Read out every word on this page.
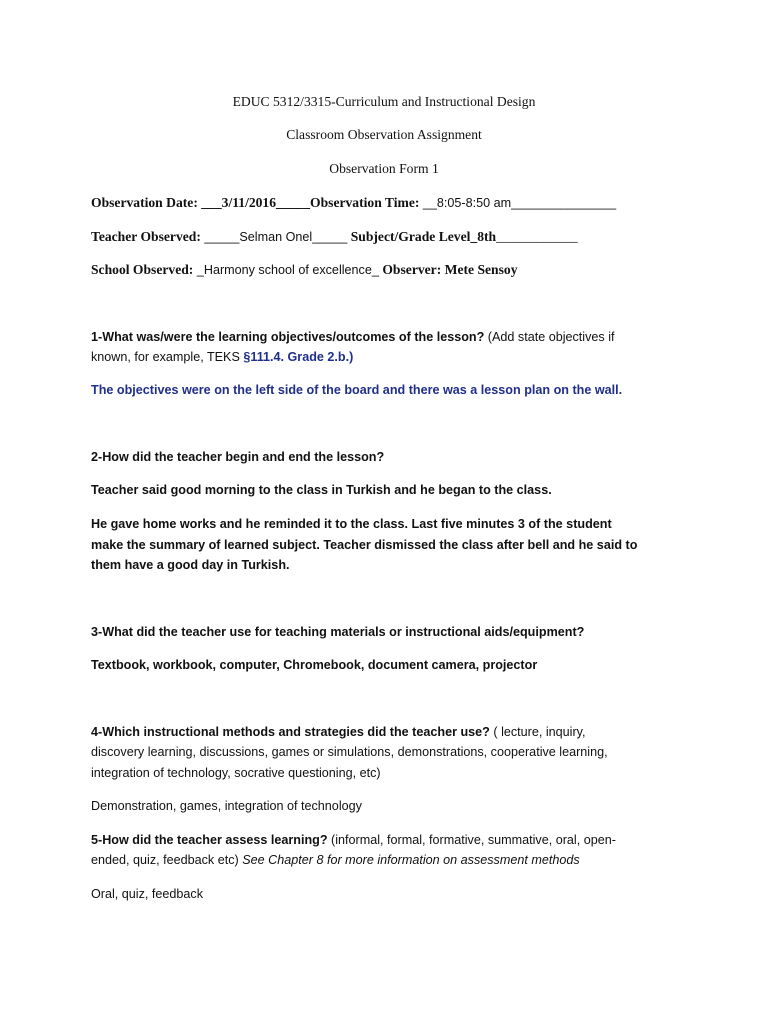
EDUC 5312/3315-Curriculum and Instructional Design
Classroom Observation Assignment
Observation Form 1
Observation Date: ___3/11/2016_____Observation Time: __8:05-8:50 am_______________
Teacher Observed: _____Selman Onel_____ Subject/Grade Level_8th____________
School Observed: _Harmony school of excellence_ Observer: Mete Sensoy
1-What was/were the learning objectives/outcomes of the lesson? (Add state objectives if
known, for example, TEKS §111.4. Grade 2.b.)
The objectives were on the left side of the board and there was a lesson plan on the wall.
2-How did the teacher begin and end the lesson?
Teacher said good morning to the class in Turkish and he began to the class.
He gave home works and he reminded it to the class. Last five minutes 3 of the student
make the summary of learned subject. Teacher dismissed the class after bell and he said to
them have a good day in Turkish.
3-What did the teacher use for teaching materials or instructional aids/equipment?
Textbook, workbook, computer, Chromebook, document camera, projector
4-Which instructional methods and strategies did the teacher use? ( lecture, inquiry,
discovery learning, discussions, games or simulations, demonstrations, cooperative learning,
integration of technology, socrative questioning, etc)
Demonstration, games, integration of technology
5-How did the teacher assess learning? (informal, formal, formative, summative, oral, open-
ended, quiz, feedback etc) See Chapter 8 for more information on assessment methods
Oral, quiz, feedback
